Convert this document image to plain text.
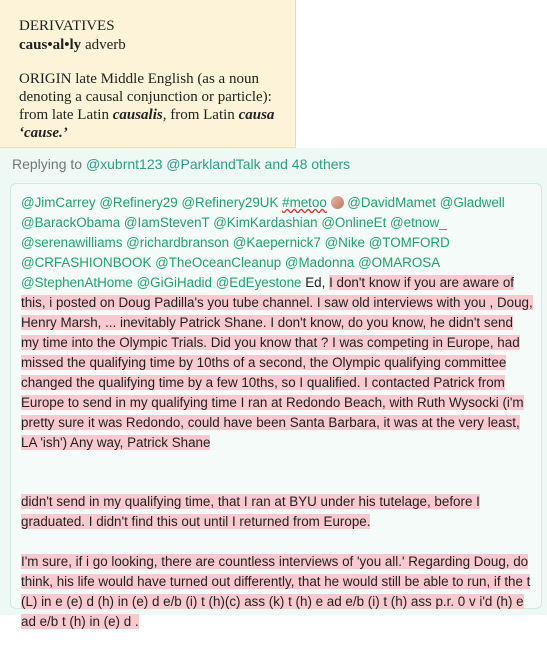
DERIVATIVES
caus•al•ly adverb
ORIGIN late Middle English (as a noun denoting a causal conjunction or particle): from late Latin causalis, from Latin causa ‘cause.’
Replying to @xubrnt123 @ParklandTalk and 48 others
@JimCarrey @Refinery29 @Refinery29UK #metoo @DavidMamet @Gladwell @BarackObama @IamStevenT @KimKardashian @OnlineEt @etnow_ @serenawilliams @richardbranson @Kaepernick7 @Nike @TOMFORD @CRFASHIONBOOK @TheOceanCleanup @Madonna @OMAROSA @StephenAtHome @GiGiHadid @EdEyestone Ed, I don't know if you are aware of this, i posted on Doug Padilla's you tube channel. I saw old interviews with you , Doug, Henry Marsh, ... inevitably Patrick Shane. I don't know, do you know, he didn't send my time into the Olympic Trials. Did you know that ? I was competing in Europe, had missed the qualifying time by 10ths of a second, the Olympic qualifying committee changed the qualifying time by a few 10ths, so I qualified. I contacted Patrick from Europe to send in my qualifying time I ran at Redondo Beach, with Ruth Wysocki (i'm pretty sure it was Redondo, could have been Santa Barbara, it was at the very least, LA 'ish') Any way, Patrick Shane
didn't send in my qualifying time, that I ran at BYU under his tutelage, before I graduated. I didn't find this out until I returned from Europe.
I'm sure, if i go looking, there are countless interviews of 'you all.' Regarding Doug, do think, his life would have turned out differently, that he would still be able to run, if the t (L) in e (e) d (h) in (e) d e/b (i) t (h)(c) ass (k) t (h) e ad e/b (i) t (h) ass p.r. 0 v i'd (h) e ad e/b t (h) in (e) d .
